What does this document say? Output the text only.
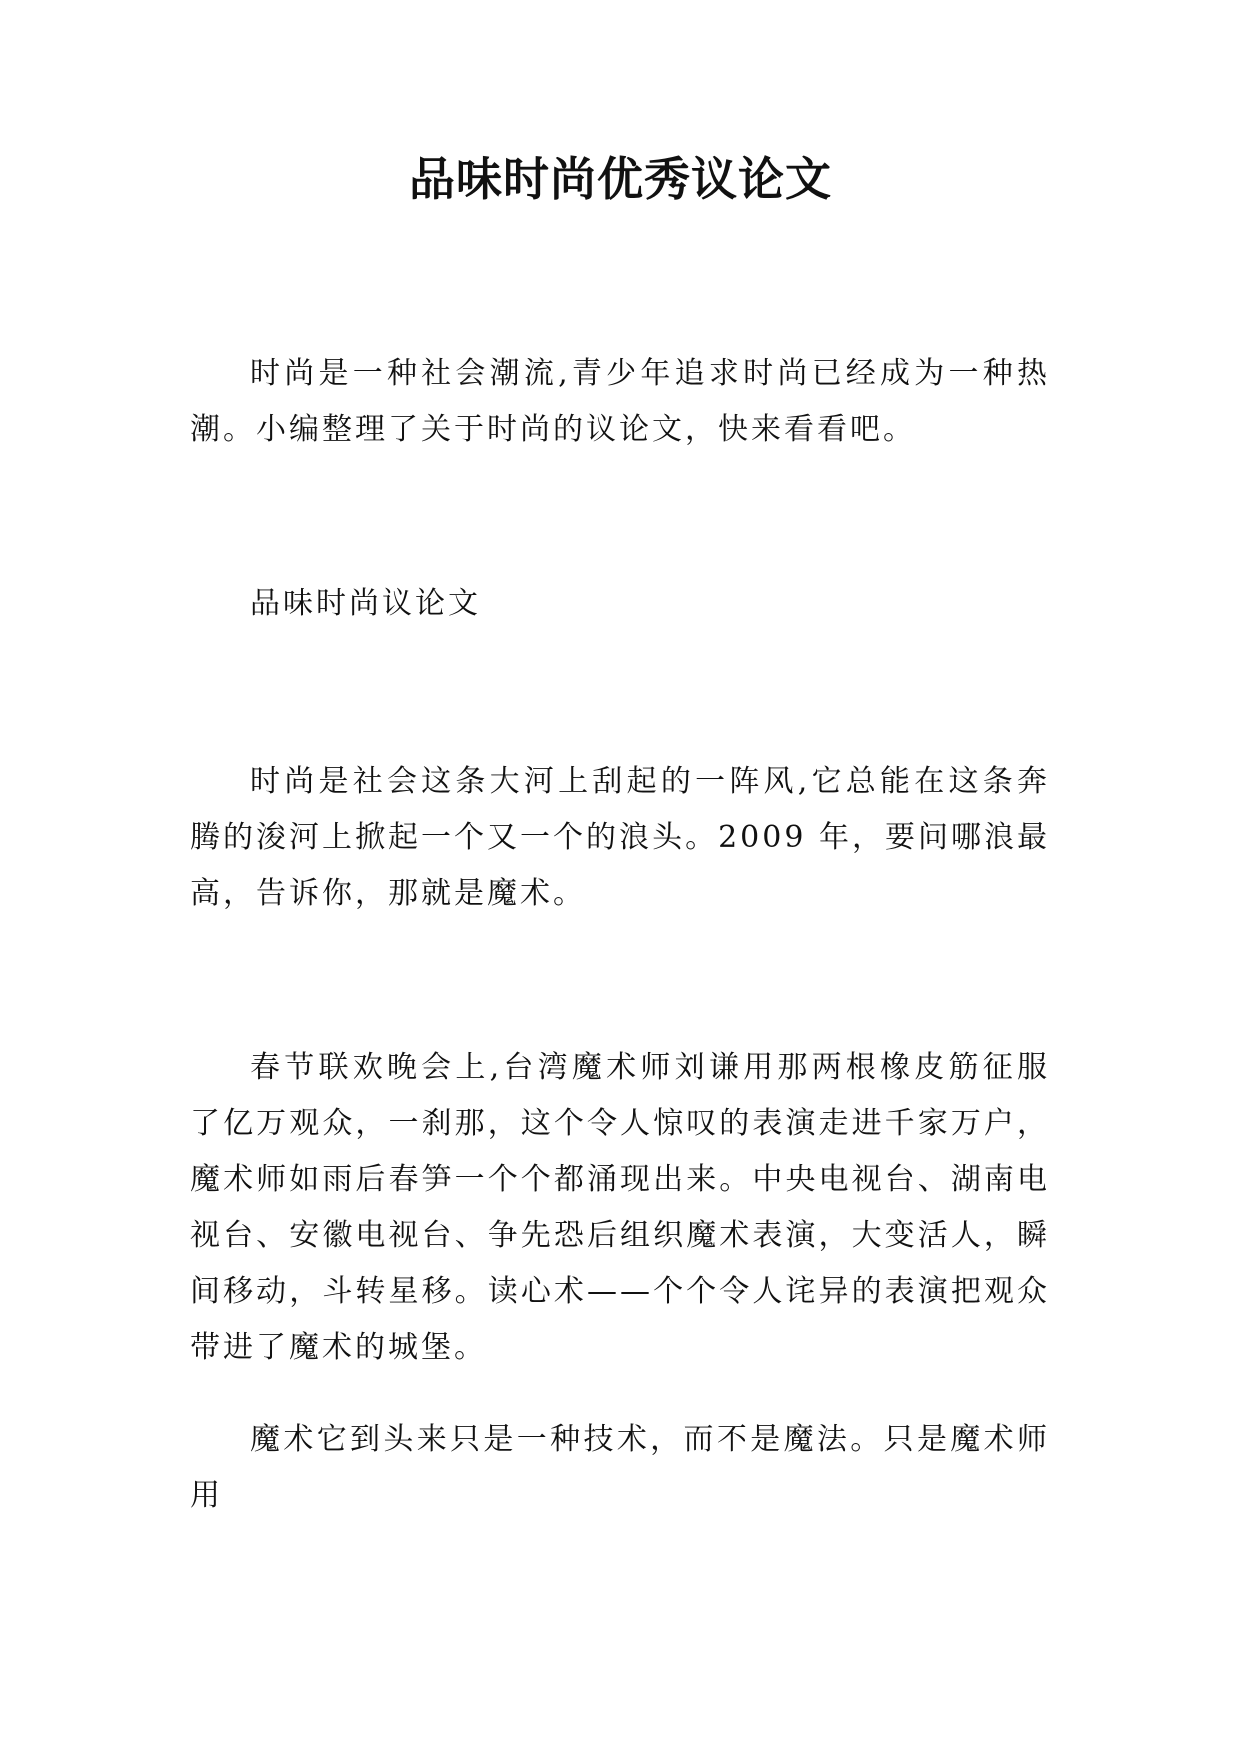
品味时尚优秀议论文

时尚是一种社会潮流,青少年追求时尚已经成为一种热潮。小编整理了关于时尚的议论文，快来看看吧。

品味时尚议论文

时尚是社会这条大河上刮起的一阵风,它总能在这条奔腾的浚河上掀起一个又一个的浪头。2009 年，要问哪浪最高，告诉你，那就是魔术。

春节联欢晚会上,台湾魔术师刘谦用那两根橡皮筋征服了亿万观众，一刹那，这个令人惊叹的表演走进千家万户，魔术师如雨后春笋一个个都涌现出来。中央电视台、湖南电视台、安徽电视台、争先恐后组织魔术表演，大变活人，瞬间移动，斗转星移。读心术——个个令人诧异的表演把观众带进了魔术的城堡。

魔术它到头来只是一种技术，而不是魔法。只是魔术师用
